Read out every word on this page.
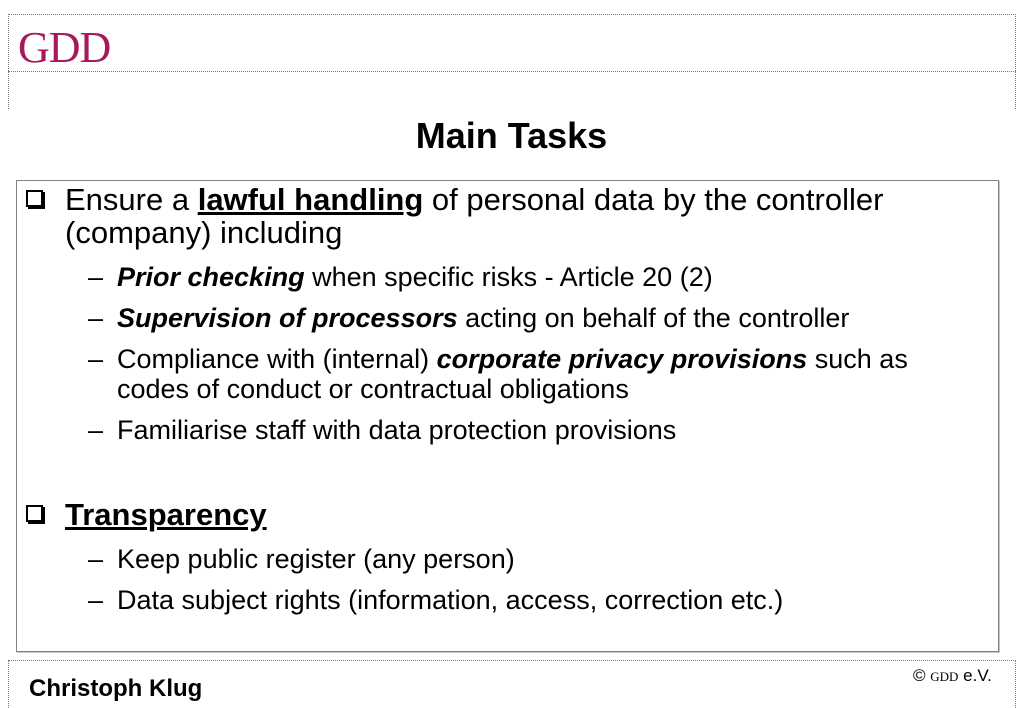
GDD
Main Tasks
Ensure a lawful handling of personal data by the controller (company) including
– Prior checking when specific risks - Article 20 (2)
– Supervision of processors acting on behalf of the controller
– Compliance with (internal) corporate privacy provisions such as codes of conduct or contractual obligations
– Familiarise staff with data protection provisions
Transparency
– Keep public register (any person)
– Data subject rights (information, access, correction etc.)
Christoph Klug	© GDD e.V.
